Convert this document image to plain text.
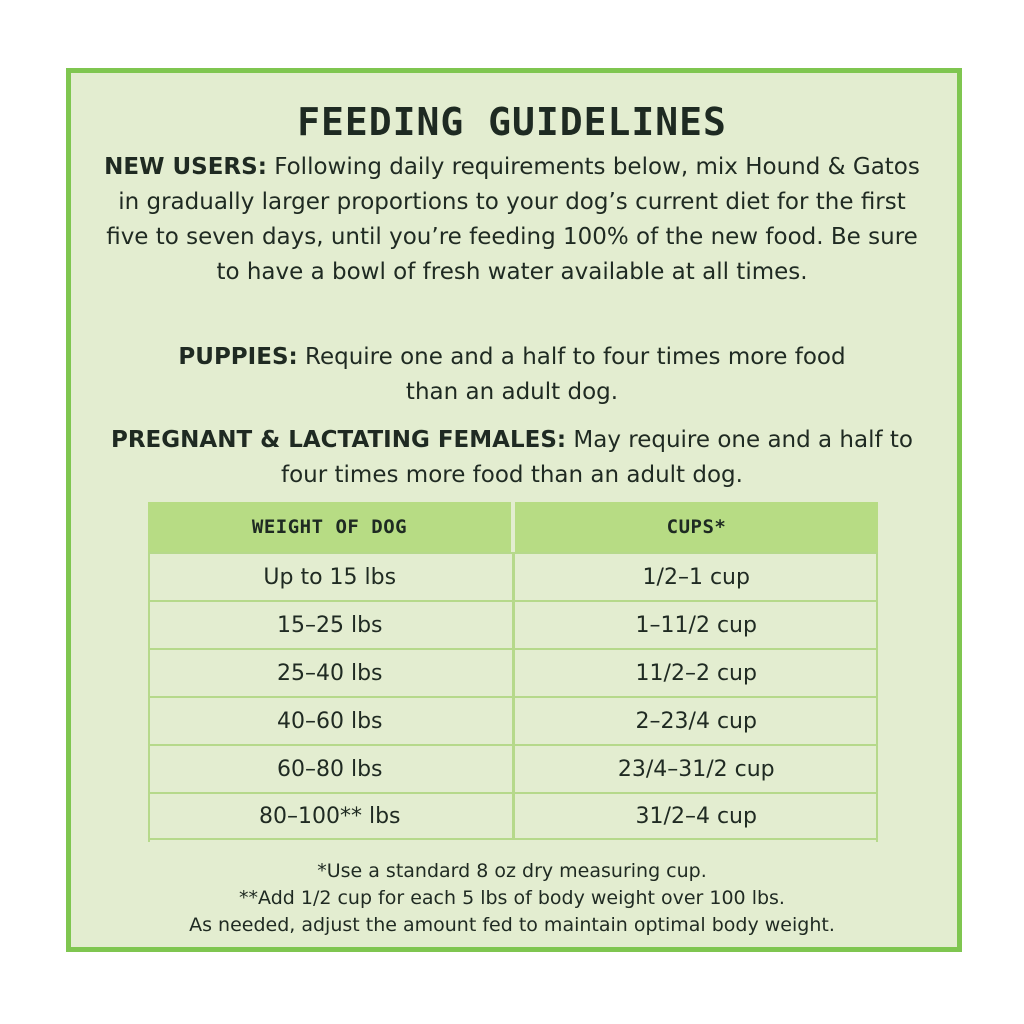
FEEDING GUIDELINES
NEW USERS: Following daily requirements below, mix Hound & Gatos in gradually larger proportions to your dog’s current diet for the first five to seven days, until you’re feeding 100% of the new food. Be sure to have a bowl of fresh water available at all times.
PUPPIES: Require one and a half to four times more food than an adult dog.
PREGNANT & LACTATING FEMALES: May require one and a half to four times more food than an adult dog.
WEIGHT OF DOG	CUPS*
Up to 15 lbs	1/2–1 cup
15–25 lbs	1–11/2 cup
25–40 lbs	11/2–2 cup
40–60 lbs	2–23/4 cup
60–80 lbs	23/4–31/2 cup
80–100** lbs	31/2–4 cup
*Use a standard 8 oz dry measuring cup.
**Add 1/2 cup for each 5 lbs of body weight over 100 lbs.
As needed, adjust the amount fed to maintain optimal body weight.
